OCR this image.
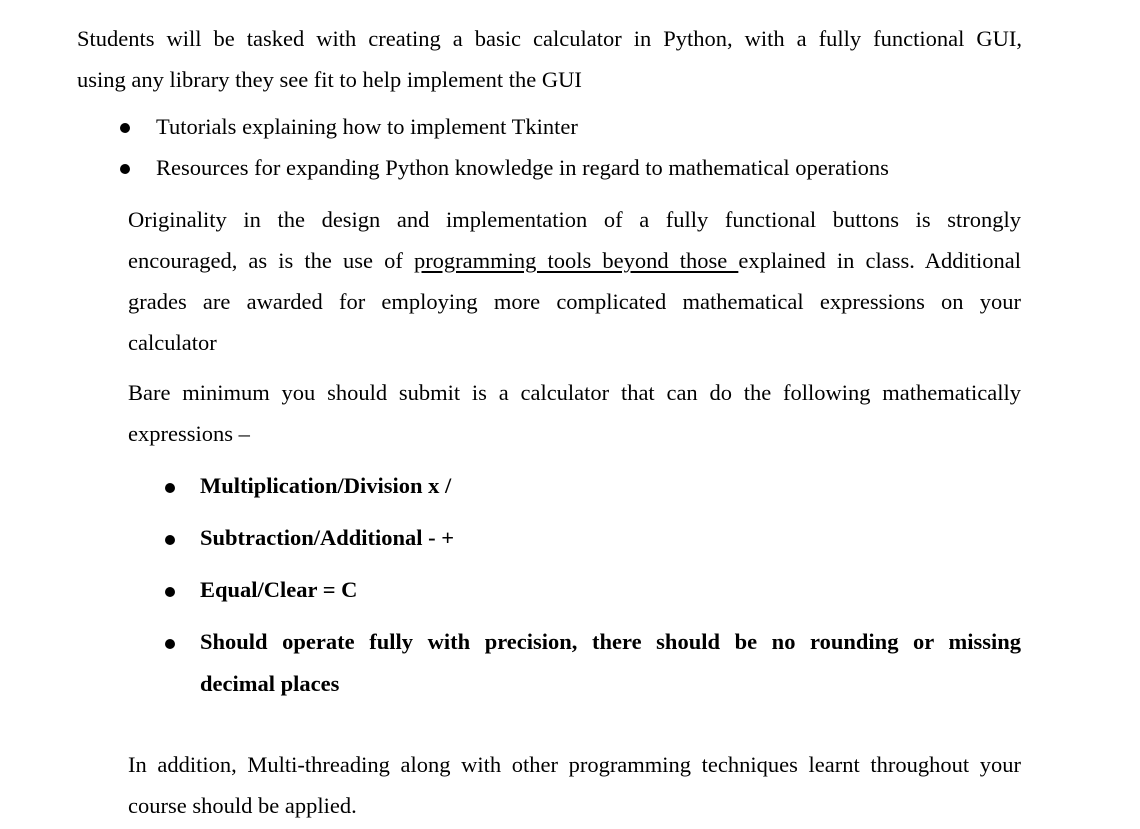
Students will be tasked with creating a basic calculator in Python, with a fully functional GUI,

using any library they see fit to help implement the GUI

Tutorials explaining how to implement Tkinter

Resources for expanding Python knowledge in regard to mathematical operations

Originality in the design and implementation of a fully functional buttons is strongly

encouraged, as is the use of programming tools beyond those explained in class. Additional

grades are awarded for employing more complicated mathematical expressions on your

calculator

Bare minimum you should submit is a calculator that can do the following mathematically

expressions –

Multiplication/Division x /

Subtraction/Additional - +

Equal/Clear = C

Should operate fully with precision, there should be no rounding or missing

decimal places

In addition, Multi-threading along with other programming techniques learnt throughout your

course should be applied.
